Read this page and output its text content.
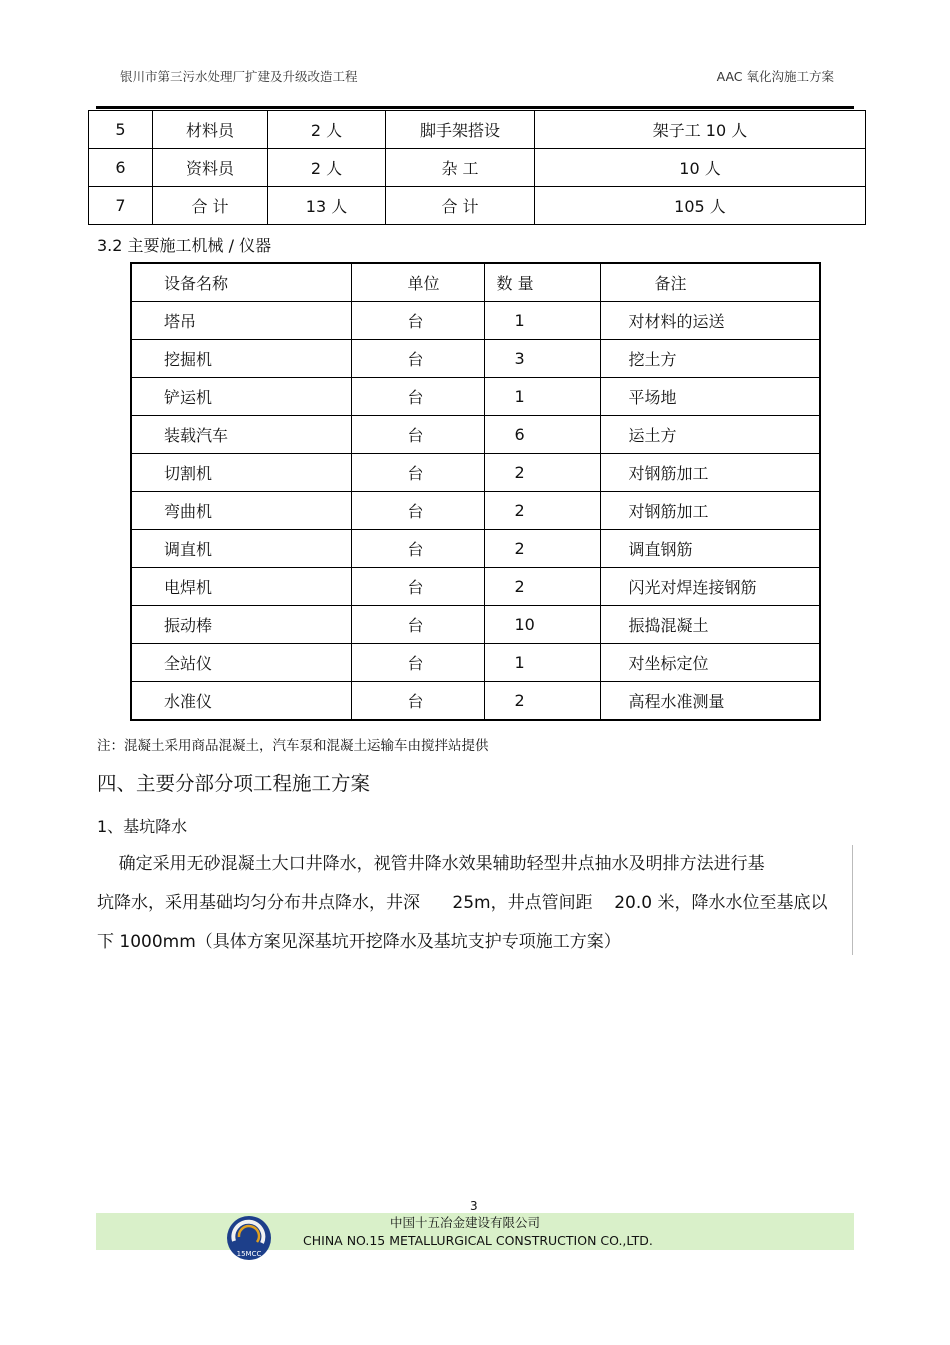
银川市第三污水处理厂扩建及升级改造工程	AAC 氧化沟施工方案
5	材料员	2 人	脚手架搭设	架子工 10 人
6	资料员	2 人	杂 工	10 人
7	合 计	13 人	合 计	105 人
3.2 主要施工机械 / 仪器
设备名称	单位	数 量	备注
塔吊	台	1	对材料的运送
挖掘机	台	3	挖土方
铲运机	台	1	平场地
装载汽车	台	6	运土方
切割机	台	2	对钢筋加工
弯曲机	台	2	对钢筋加工
调直机	台	2	调直钢筋
电焊机	台	2	闪光对焊连接钢筋
振动棒	台	10	振捣混凝土
全站仪	台	1	对坐标定位
水准仪	台	2	高程水准测量
注：混凝土采用商品混凝土，汽车泵和混凝土运输车由搅拌站提供
四、主要分部分项工程施工方案
1、基坑降水
确定采用无砂混凝土大口井降水，视管井降水效果辅助轻型井点抽水及明排方法进行基
坑降水，采用基础均匀分布井点降水，井深      25m，井点管间距    20.0 米，降水水位至基底以
下 1000mm（具体方案见深基坑开挖降水及基坑支护专项施工方案）
3
15MCC
中国十五冶金建设有限公司
CHINA NO.15 METALLURGICAL CONSTRUCTION CO.,LTD.
